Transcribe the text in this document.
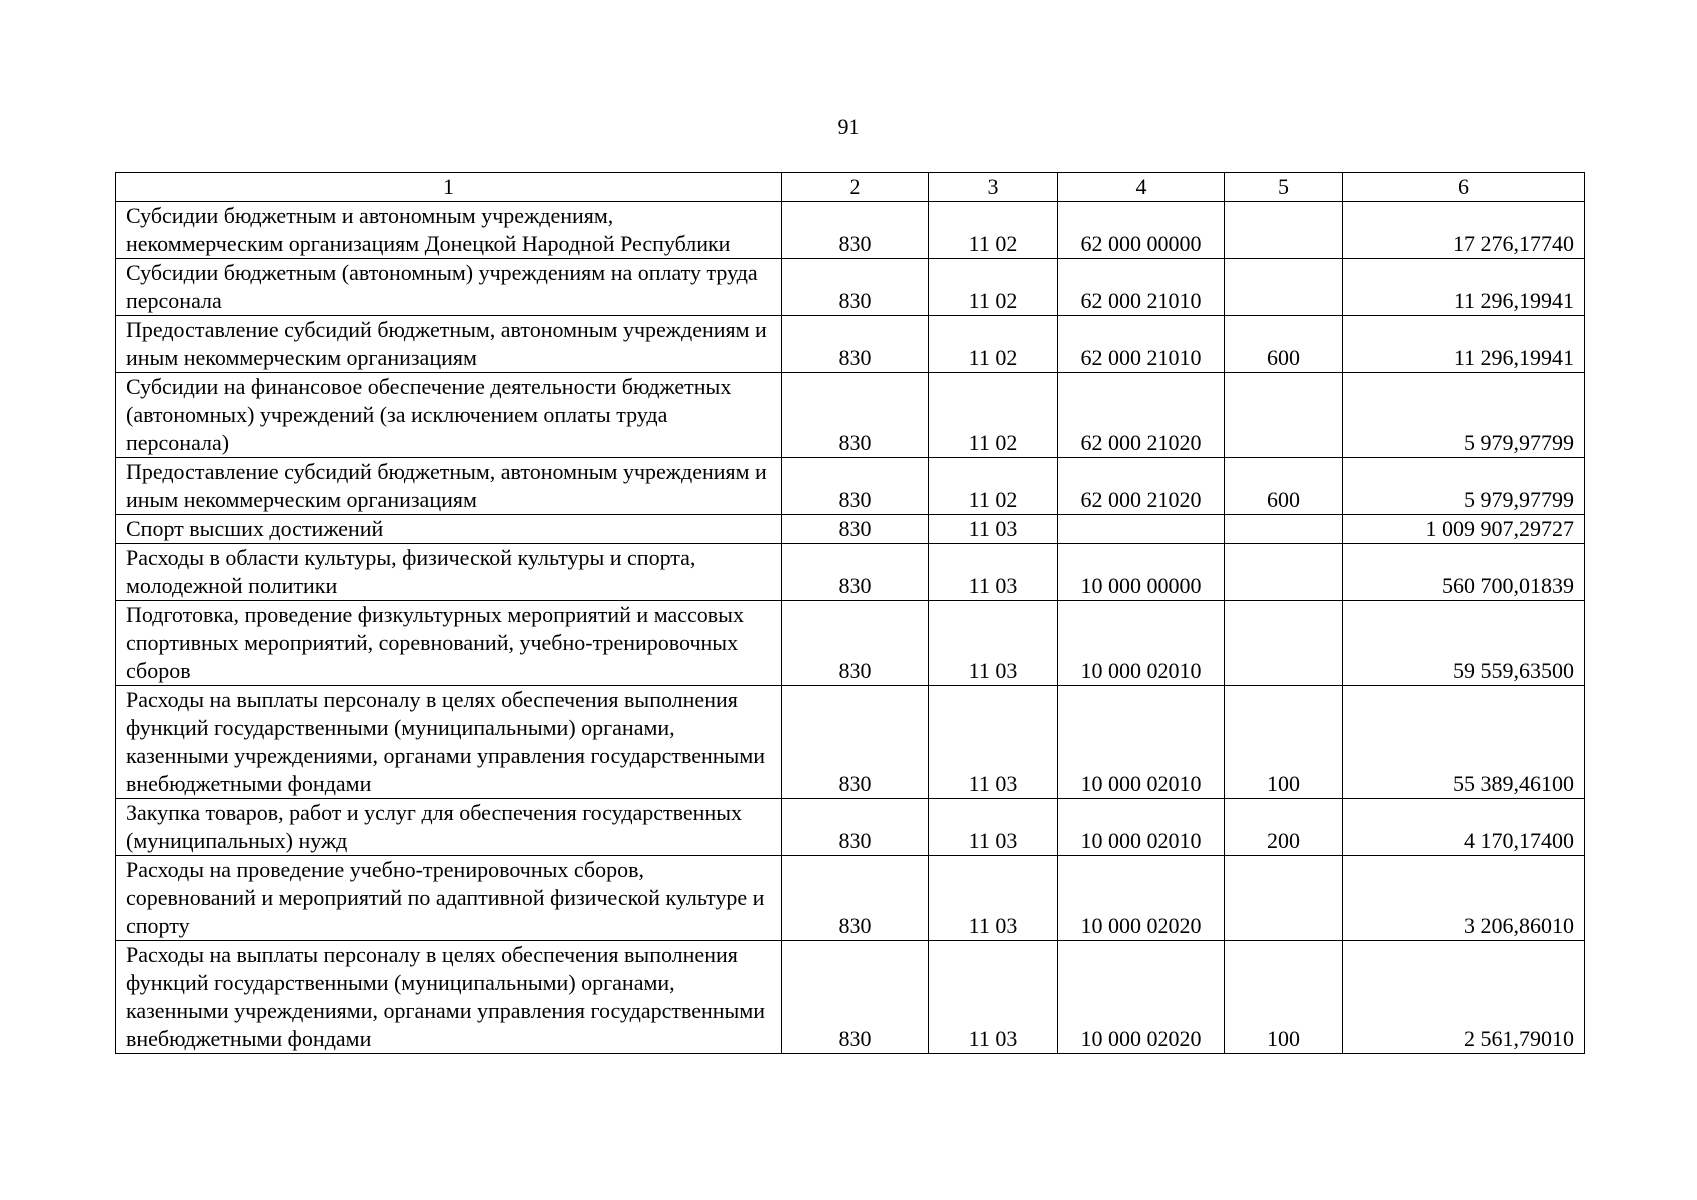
91
1	2	3	4	5	6
Субсидии бюджетным и автономным учреждениям, некоммерческим организациям Донецкой Народной Республики	830	11 02	62 000 00000		17 276,17740
Субсидии бюджетным (автономным) учреждениям на оплату труда персонала	830	11 02	62 000 21010		11 296,19941
Предоставление субсидий бюджетным, автономным учреждениям и иным некоммерческим организациям	830	11 02	62 000 21010	600	11 296,19941
Субсидии на финансовое обеспечение деятельности бюджетных (автономных) учреждений (за исключением оплаты труда персонала)	830	11 02	62 000 21020		5 979,97799
Предоставление субсидий бюджетным, автономным учреждениям и иным некоммерческим организациям	830	11 02	62 000 21020	600	5 979,97799
Спорт высших достижений	830	11 03			1 009 907,29727
Расходы в области культуры, физической культуры и спорта, молодежной политики	830	11 03	10 000 00000		560 700,01839
Подготовка, проведение физкультурных мероприятий и массовых спортивных мероприятий, соревнований, учебно-тренировочных сборов	830	11 03	10 000 02010		59 559,63500
Расходы на выплаты персоналу в целях обеспечения выполнения функций государственными (муниципальными) органами, казенными учреждениями, органами управления государственными внебюджетными фондами	830	11 03	10 000 02010	100	55 389,46100
Закупка товаров, работ и услуг для обеспечения государственных (муниципальных) нужд	830	11 03	10 000 02010	200	4 170,17400
Расходы на проведение учебно-тренировочных сборов, соревнований и мероприятий по адаптивной физической культуре и спорту	830	11 03	10 000 02020		3 206,86010
Расходы на выплаты персоналу в целях обеспечения выполнения функций государственными (муниципальными) органами, казенными учреждениями, органами управления государственными внебюджетными фондами	830	11 03	10 000 02020	100	2 561,79010
